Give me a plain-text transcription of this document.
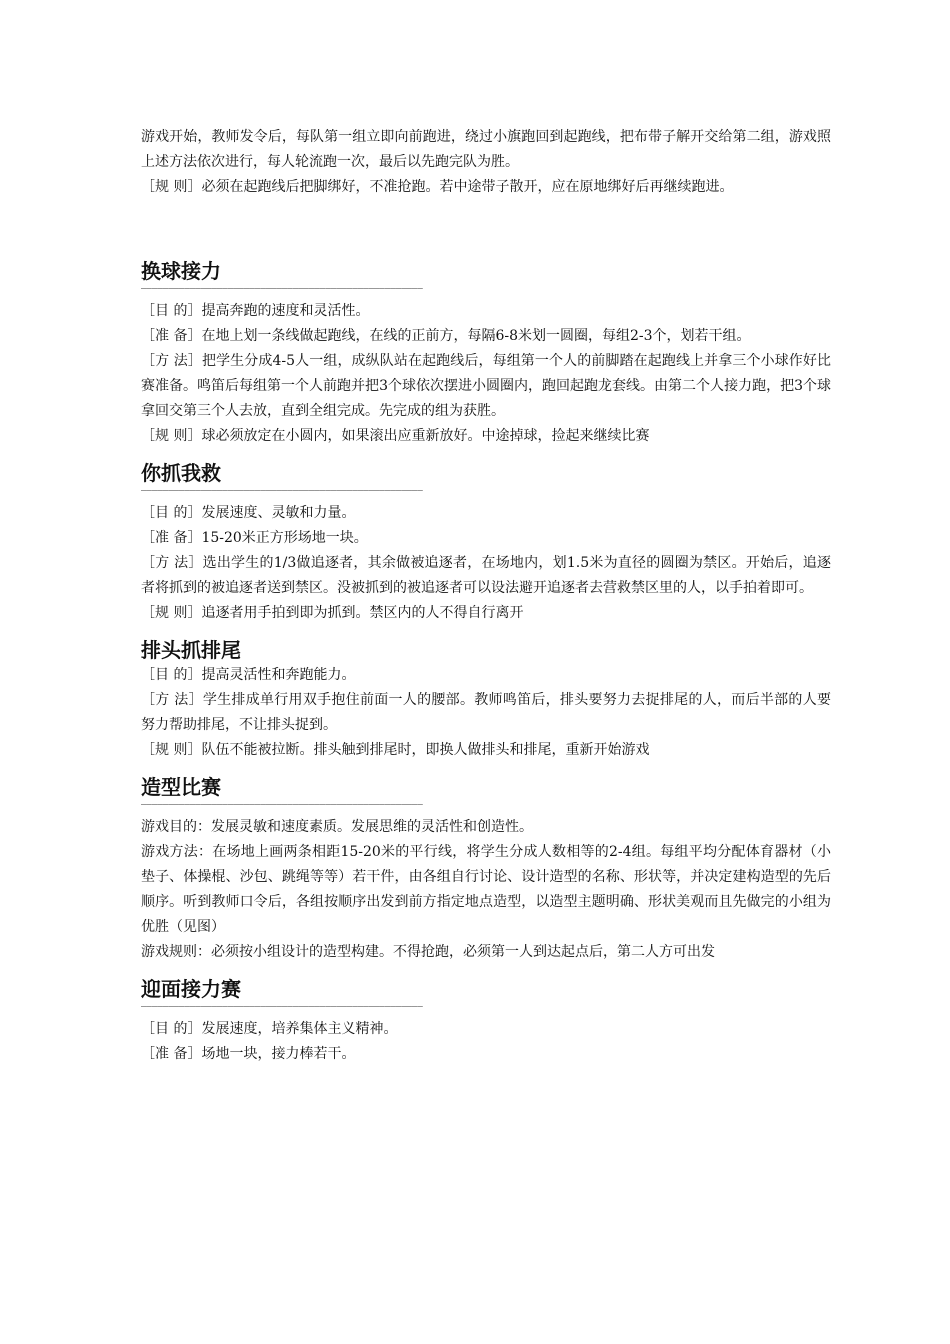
游戏开始，教师发令后，每队第一组立即向前跑进，绕过小旗跑回到起跑线，把布带子解开交给第二组，游戏照上述方法依次进行，每人轮流跑一次，最后以先跑完队为胜。

［规 则］必须在起跑线后把脚绑好，不准抢跑。若中途带子散开，应在原地绑好后再继续跑进。

换球接力
————————————————————————————————————————————————————

［目 的］提高奔跑的速度和灵活性。

［准 备］在地上划一条线做起跑线，在线的正前方，每隔6-8米划一圆圈，每组2-3个，划若干组。

［方 法］把学生分成4-5人一组，成纵队站在起跑线后，每组第一个人的前脚踏在起跑线上并拿三个小球作好比赛准备。鸣笛后每组第一个人前跑并把3个球依次摆进小圆圈内，跑回起跑龙套线。由第二个人接力跑，把3个球拿回交第三个人去放，直到全组完成。先完成的组为获胜。

［规 则］球必须放定在小圆内，如果滚出应重新放好。中途掉球，捡起来继续比赛

你抓我救
————————————————————————————————————————————————————

［目 的］发展速度、灵敏和力量。

［准 备］15-20米正方形场地一块。

［方 法］选出学生的1/3做追逐者，其余做被追逐者，在场地内，划1.5米为直径的圆圈为禁区。开始后，追逐者将抓到的被追逐者送到禁区。没被抓到的被追逐者可以设法避开追逐者去营救禁区里的人，以手拍着即可。

［规 则］追逐者用手拍到即为抓到。禁区内的人不得自行离开

排头抓排尾

［目 的］提高灵活性和奔跑能力。

［方 法］学生排成单行用双手抱住前面一人的腰部。教师鸣笛后，排头要努力去捉排尾的人，而后半部的人要努力帮助排尾，不让排头捉到。

［规 则］队伍不能被拉断。排头触到排尾时，即换人做排头和排尾，重新开始游戏

造型比赛
————————————————————————————————————————————————————

游戏目的：发展灵敏和速度素质。发展思维的灵活性和创造性。

游戏方法：在场地上画两条相距15-20米的平行线，将学生分成人数相等的2-4组。每组平均分配体育器材（小垫子、体操棍、沙包、跳绳等等）若干件，由各组自行讨论、设计造型的名称、形状等，并决定建构造型的先后顺序。听到教师口令后，各组按顺序出发到前方指定地点造型，以造型主题明确、形状美观而且先做完的小组为优胜（见图）

游戏规则：必须按小组设计的造型构建。不得抢跑，必须第一人到达起点后，第二人方可出发

迎面接力赛
————————————————————————————————————————————————————

［目 的］发展速度，培养集体主义精神。

［准 备］场地一块，接力棒若干。
